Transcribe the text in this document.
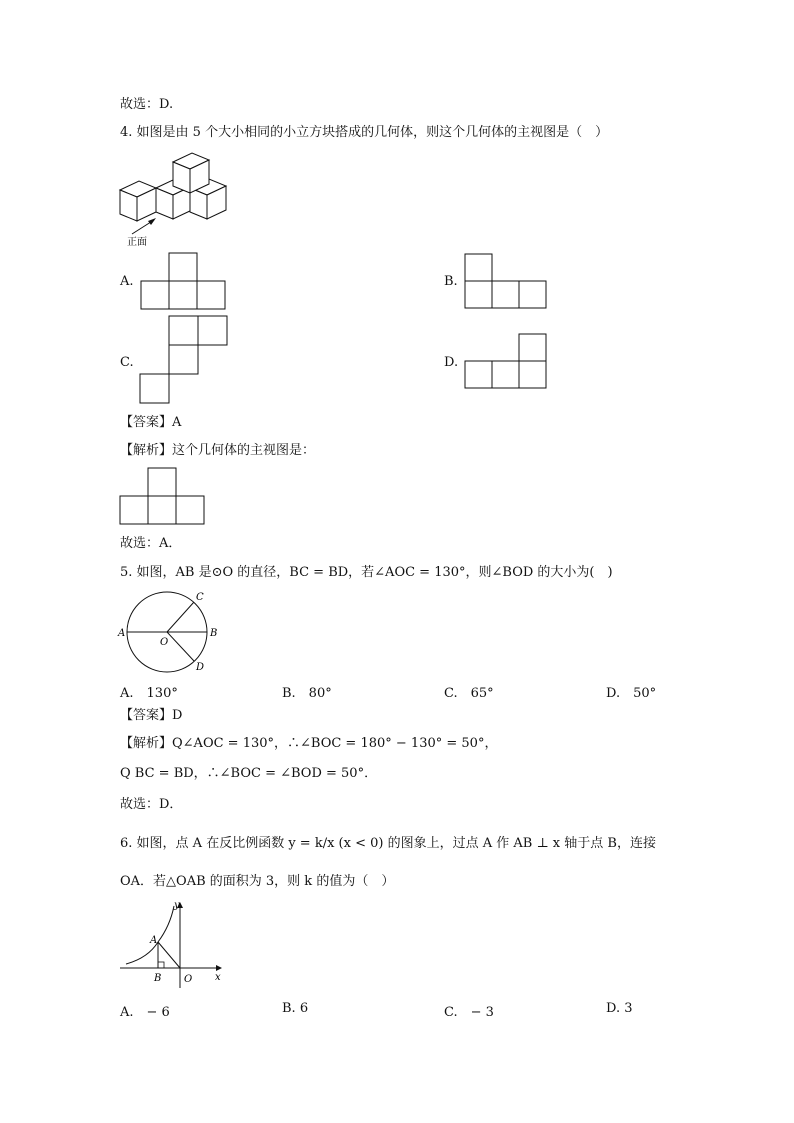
故选：D.
4. 如图是由 5 个大小相同的小立方块搭成的几何体，则这个几何体的主视图是（　）
正面
A.	B.
C.	D.
【答案】A
【解析】这个几何体的主视图是：
故选：A．
5. 如图，AB 是⊙O 的直径，BC = BD，若∠AOC = 130°，则∠BOD 的大小为(　)
A	B
C
D
O
A.　130°	B.　80°	C.　65°	D.　50°
【答案】D
【解析】Q∠AOC = 130°，∴∠BOC = 180° − 130° = 50°，
Q BC = BD，∴∠BOC = ∠BOD = 50°．
故选：D．
6. 如图，点 A 在反比例函数 y = k/x (x < 0) 的图象上，过点 A 作 AB ⊥ x 轴于点 B，连接
OA．若△OAB 的面积为 3，则 k 的值为（　）
y
x
A
B O
A.　− 6	B. 6	C.　− 3	D. 3
